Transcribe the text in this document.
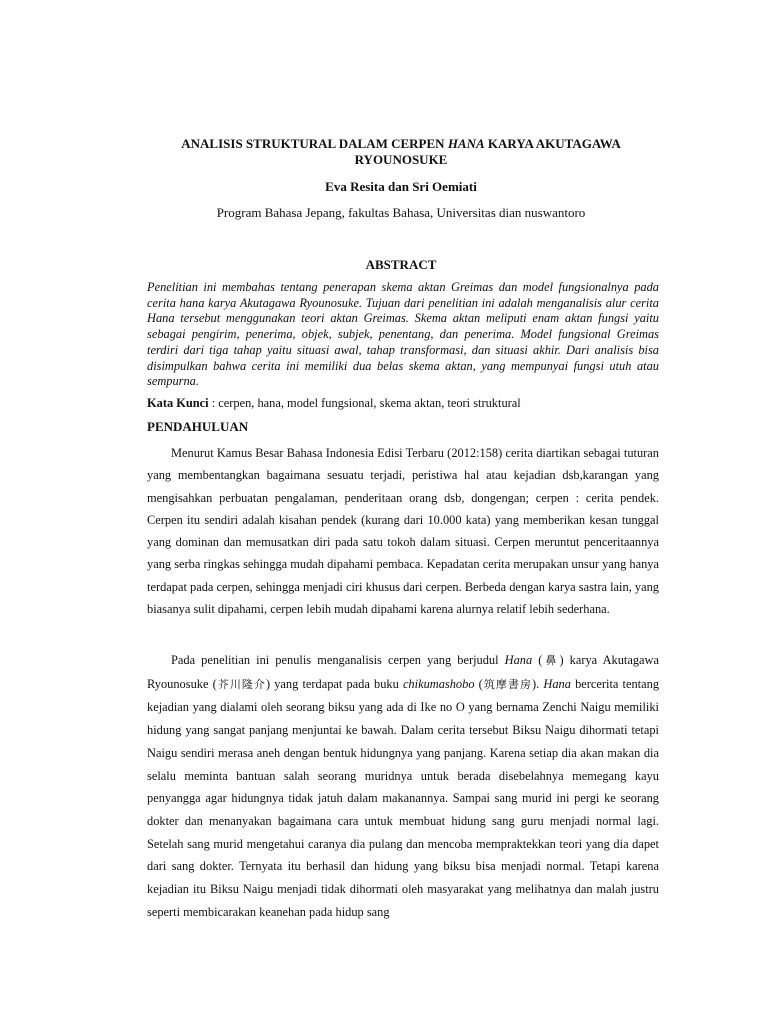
ANALISIS STRUKTURAL DALAM CERPEN HANA KARYA AKUTAGAWA
RYOUNOSUKE
Eva Resita dan Sri Oemiati
Program Bahasa Jepang, fakultas Bahasa, Universitas dian nuswantoro
ABSTRACT
Penelitian ini membahas tentang penerapan skema aktan Greimas dan model fungsionalnya pada cerita hana karya Akutagawa Ryounosuke. Tujuan dari penelitian ini adalah menganalisis alur cerita Hana tersebut menggunakan teori aktan Greimas. Skema aktan meliputi enam aktan fungsi yaitu sebagai pengirim, penerima, objek, subjek, penentang, dan penerima. Model fungsional Greimas terdiri dari tiga tahap yaitu situasi awal, tahap transformasi, dan situasi akhir. Dari analisis bisa disimpulkan bahwa cerita ini memiliki dua belas skema aktan, yang mempunyai fungsi utuh atau sempurna.
Kata Kunci : cerpen, hana, model fungsional, skema aktan, teori struktural
PENDAHULUAN
Menurut Kamus Besar Bahasa Indonesia Edisi Terbaru (2012:158) cerita diartikan sebagai tuturan yang membentangkan bagaimana sesuatu terjadi, peristiwa hal atau kejadian dsb,karangan yang mengisahkan perbuatan pengalaman, penderitaan orang dsb, dongengan; cerpen : cerita pendek. Cerpen itu sendiri adalah kisahan pendek (kurang dari 10.000 kata) yang memberikan kesan tunggal yang dominan dan memusatkan diri pada satu tokoh dalam situasi. Cerpen meruntut penceritaannya yang serba ringkas sehingga mudah dipahami pembaca. Kepadatan cerita merupakan unsur yang hanya terdapat pada cerpen, sehingga menjadi ciri khusus dari cerpen. Berbeda dengan karya sastra lain, yang biasanya sulit dipahami, cerpen lebih mudah dipahami karena alurnya relatif lebih sederhana.
Pada penelitian ini penulis menganalisis cerpen yang berjudul Hana (鼻) karya Akutagawa Ryounosuke (芥川隆介) yang terdapat pada buku chikumashobo (筑摩書房). Hana bercerita tentang kejadian yang dialami oleh seorang biksu yang ada di Ike no O yang bernama Zenchi Naigu memiliki hidung yang sangat panjang menjuntai ke bawah. Dalam cerita tersebut Biksu Naigu dihormati tetapi Naigu sendiri merasa aneh dengan bentuk hidungnya yang panjang. Karena setiap dia akan makan dia selalu meminta bantuan salah seorang muridnya untuk berada disebelahnya memegang kayu penyangga agar hidungnya tidak jatuh dalam makanannya. Sampai sang murid ini pergi ke seorang dokter dan menanyakan bagaimana cara untuk membuat hidung sang guru menjadi normal lagi. Setelah sang murid mengetahui caranya dia pulang dan mencoba mempraktekkan teori yang dia dapet dari sang dokter. Ternyata itu berhasil dan hidung yang biksu bisa menjadi normal. Tetapi karena kejadian itu Biksu Naigu menjadi tidak dihormati oleh masyarakat yang melihatnya dan malah justru seperti membicarakan keanehan pada hidup sang
